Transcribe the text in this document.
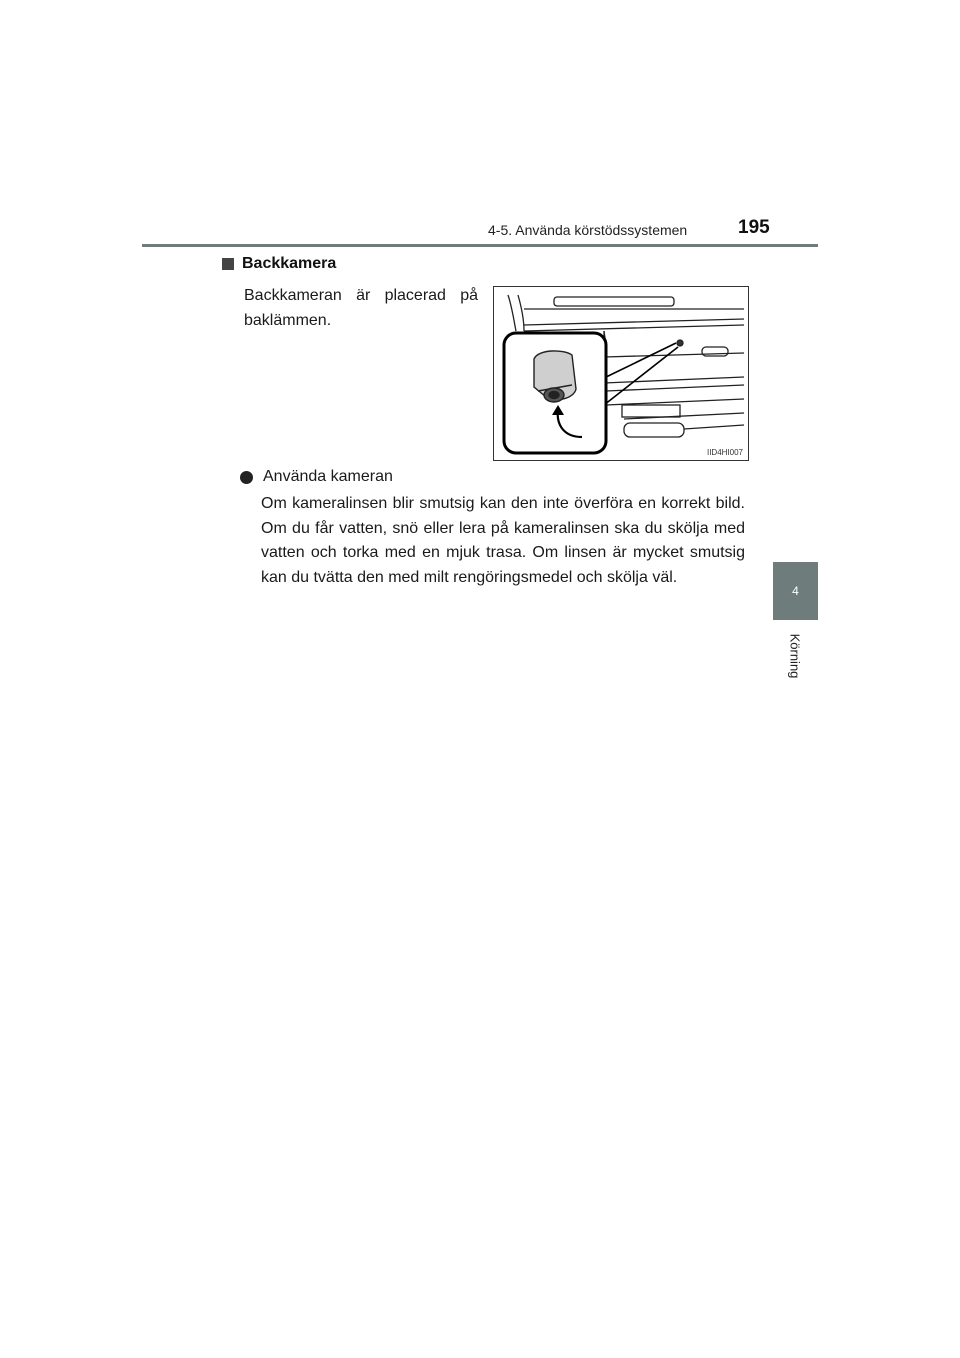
4-5. Använda körstödssystemen	195
4
Körning
Backkamera
Backkameran är placerad på baklämmen.
IID4HI007
Använda kameran
Om kameralinsen blir smutsig kan den inte överföra en korrekt bild. Om du får vatten, snö eller lera på kameralinsen ska du skölja med vatten och torka med en mjuk trasa. Om linsen är mycket smutsig kan du tvätta den med milt rengöringsmedel och skölja väl.
